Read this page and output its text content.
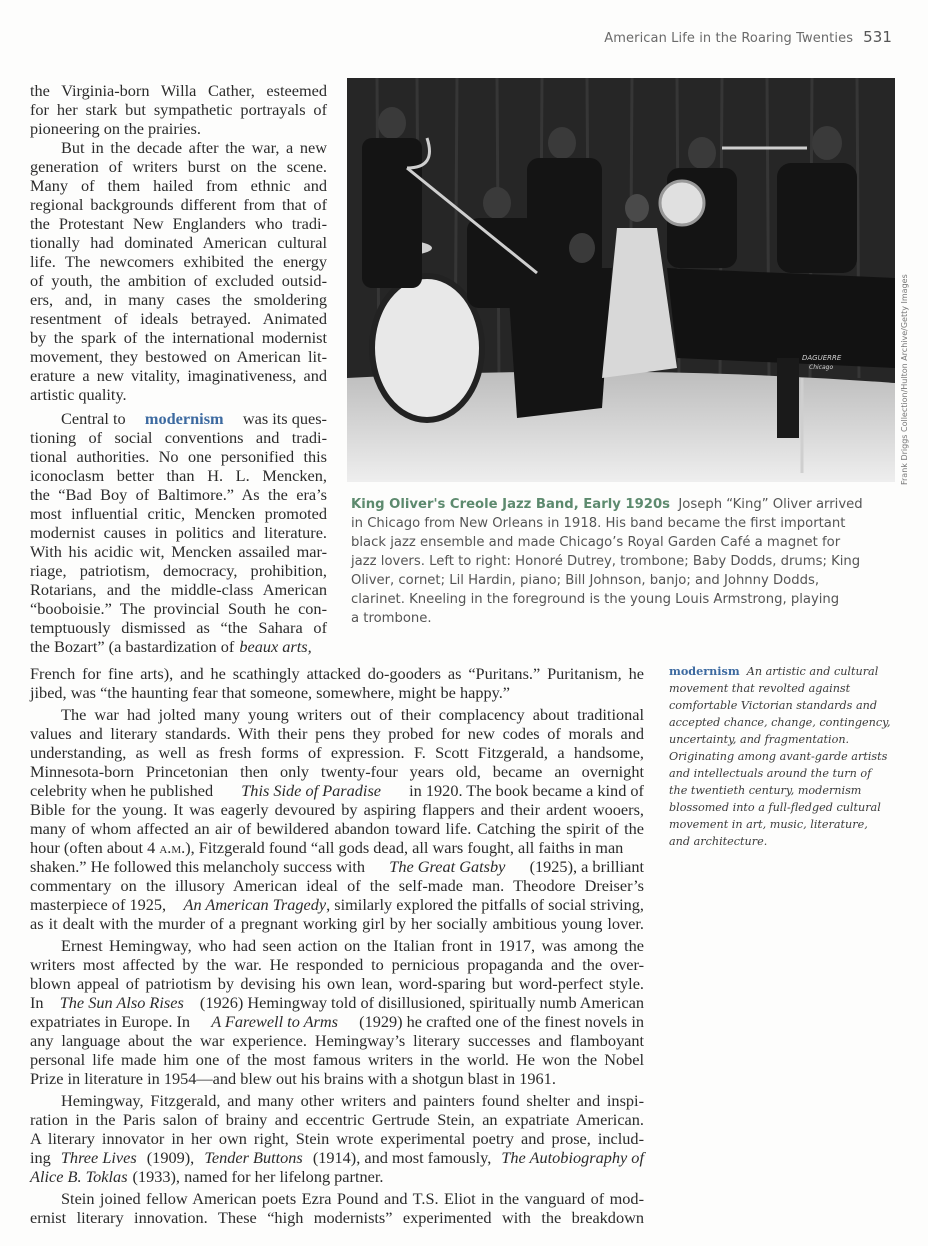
American Life in the Roaring Twenties 531
the Virginia-born Willa Cather, esteemed
for her stark but sympathetic portrayals of
pioneering on the prairies.
But in the decade after the war, a new
generation of writers burst on the scene.
Many of them hailed from ethnic and
regional backgrounds different from that of
the Protestant New Englanders who tradi-
tionally had dominated American cultural
life. The newcomers exhibited the energy
of youth, the ambition of excluded outsid-
ers, and, in many cases the smoldering
resentment of ideals betrayed. Animated
by the spark of the international modernist
movement, they bestowed on American lit-
erature a new vitality, imaginativeness, and
artistic quality.
Central to modernism was its ques-
tioning of social conventions and tradi-
tional authorities. No one personified this
iconoclasm better than H. L. Mencken,
the “Bad Boy of Baltimore.” As the era’s
most influential critic, Mencken promoted
modernist causes in politics and literature.
With his acidic wit, Mencken assailed mar-
riage, patriotism, democracy, prohibition,
Rotarians, and the middle-class American
“booboisie.” The provincial South he con-
temptuously dismissed as “the Sahara of
the Bozart” (a bastardization of beaux arts,
DAGUERRE
Chicago	Frank Driggs Collection/Hulton Archive/Getty Images
King Oliver's Creole Jazz Band, Early 1920s Joseph “King” Oliver arrived
in Chicago from New Orleans in 1918. His band became the first important
black jazz ensemble and made Chicago’s Royal Garden Café a magnet for
jazz lovers. Left to right: Honoré Dutrey, trombone; Baby Dodds, drums; King
Oliver, cornet; Lil Hardin, piano; Bill Johnson, banjo; and Johnny Dodds,
clarinet. Kneeling in the foreground is the young Louis Armstrong, playing
a trombone.
modernism An artistic and cultural
movement that revolted against
comfortable Victorian standards and
accepted chance, change, contingency,
uncertainty, and fragmentation.
Originating among avant-garde artists
and intellectuals around the turn of
the twentieth century, modernism
blossomed into a full-fledged cultural
movement in art, music, literature,
and architecture.
French for fine arts), and he scathingly attacked do-gooders as “Puritans.” Puritanism, he
jibed, was “the haunting fear that someone, somewhere, might be happy.”
The war had jolted many young writers out of their complacency about traditional
values and literary standards. With their pens they probed for new codes of morals and
understanding, as well as fresh forms of expression. F. Scott Fitzgerald, a handsome,
Minnesota-born Princetonian then only twenty-four years old, became an overnight
celebrity when he published This Side of Paradise in 1920. The book became a kind of
Bible for the young. It was eagerly devoured by aspiring flappers and their ardent wooers,
many of whom affected an air of bewildered abandon toward life. Catching the spirit of the
hour (often about 4 a.m.), Fitzgerald found “all gods dead, all wars fought, all faiths in man
shaken.” He followed this melancholy success with The Great Gatsby (1925), a brilliant
commentary on the illusory American ideal of the self-made man. Theodore Dreiser’s
masterpiece of 1925, An American Tragedy, similarly explored the pitfalls of social striving,
as it dealt with the murder of a pregnant working girl by her socially ambitious young lover.
Ernest Hemingway, who had seen action on the Italian front in 1917, was among the
writers most affected by the war. He responded to pernicious propaganda and the over-
blown appeal of patriotism by devising his own lean, word-sparing but word-perfect style.
In The Sun Also Rises (1926) Hemingway told of disillusioned, spiritually numb American
expatriates in Europe. In A Farewell to Arms (1929) he crafted one of the finest novels in
any language about the war experience. Hemingway’s literary successes and flamboyant
personal life made him one of the most famous writers in the world. He won the Nobel
Prize in literature in 1954—and blew out his brains with a shotgun blast in 1961.
Hemingway, Fitzgerald, and many other writers and painters found shelter and inspi-
ration in the Paris salon of brainy and eccentric Gertrude Stein, an expatriate American.
A literary innovator in her own right, Stein wrote experimental poetry and prose, includ-
ing Three Lives (1909), Tender Buttons (1914), and most famously, The Autobiography of
Alice B. Toklas (1933), named for her lifelong partner.
Stein joined fellow American poets Ezra Pound and T.S. Eliot in the vanguard of mod-
ernist literary innovation. These “high modernists” experimented with the breakdown
